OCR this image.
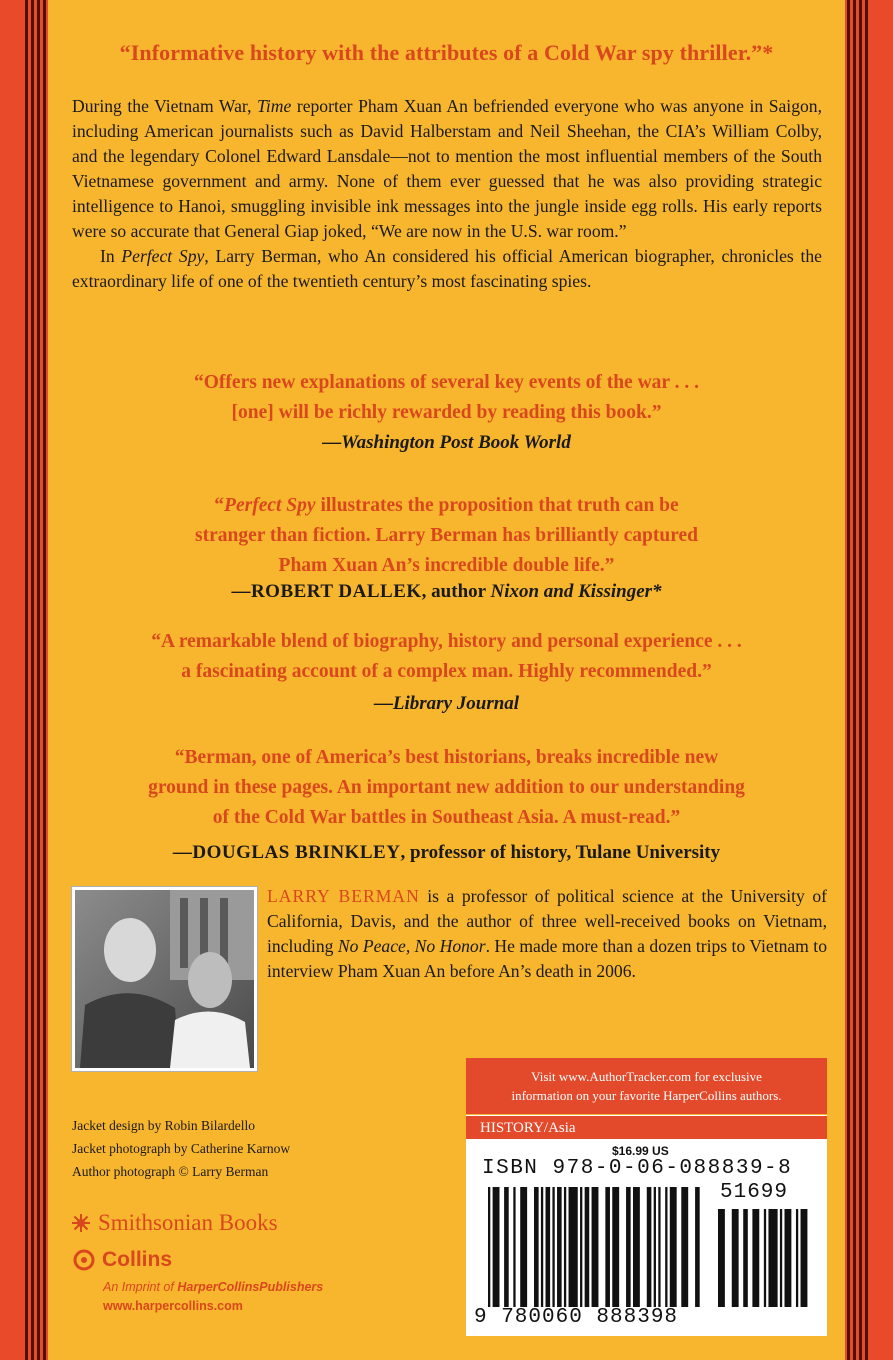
“Informative history with the attributes of a Cold War spy thriller.”*

During the Vietnam War, Time reporter Pham Xuan An befriended everyone who was anyone in Saigon, including American journalists such as David Halberstam and Neil Sheehan, the CIA’s William Colby, and the legendary Colonel Edward Lansdale—not to mention the most influential members of the South Vietnamese government and army. None of them ever guessed that he was also providing strategic intelligence to Hanoi, smuggling invisible ink messages into the jungle inside egg rolls. His early reports were so accurate that General Giap joked, “We are now in the U.S. war room.”

In Perfect Spy, Larry Berman, who An considered his official American biographer, chronicles the extraordinary life of one of the twentieth century’s most fascinating spies.

“Offers new explanations of several key events of the war . . .
[one] will be richly rewarded by reading this book.”
—Washington Post Book World
“Perfect Spy illustrates the proposition that truth can be
stranger than fiction. Larry Berman has brilliantly captured
Pham Xuan An’s incredible double life.”
—ROBERT DALLEK, author Nixon and Kissinger*
“A remarkable blend of biography, history and personal experience . . .
a fascinating account of a complex man. Highly recommended.”
—Library Journal
“Berman, one of America’s best historians, breaks incredible new
ground in these pages. An important new addition to our understanding
of the Cold War battles in Southeast Asia. A must-read.”
—DOUGLAS BRINKLEY, professor of history, Tulane University
LARRY BERMAN is a professor of political science at the University of California, Davis, and the author of three well-received books on Vietnam, including No Peace, No Honor. He made more than a dozen trips to Vietnam to interview Pham Xuan An before An’s death in 2006.
Jacket design by Robin Bilardello
Jacket photograph by Catherine Karnow
Author photograph © Larry Berman
Smithsonian Books
Collins
An Imprint of HarperCollinsPublishers
www.harpercollins.com
Visit www.AuthorTracker.com for exclusive
information on your favorite HarperCollins authors.
HISTORY/Asia
$16.99 US
ISBN 978-0-06-088839-8
51699
9 780060 888398
